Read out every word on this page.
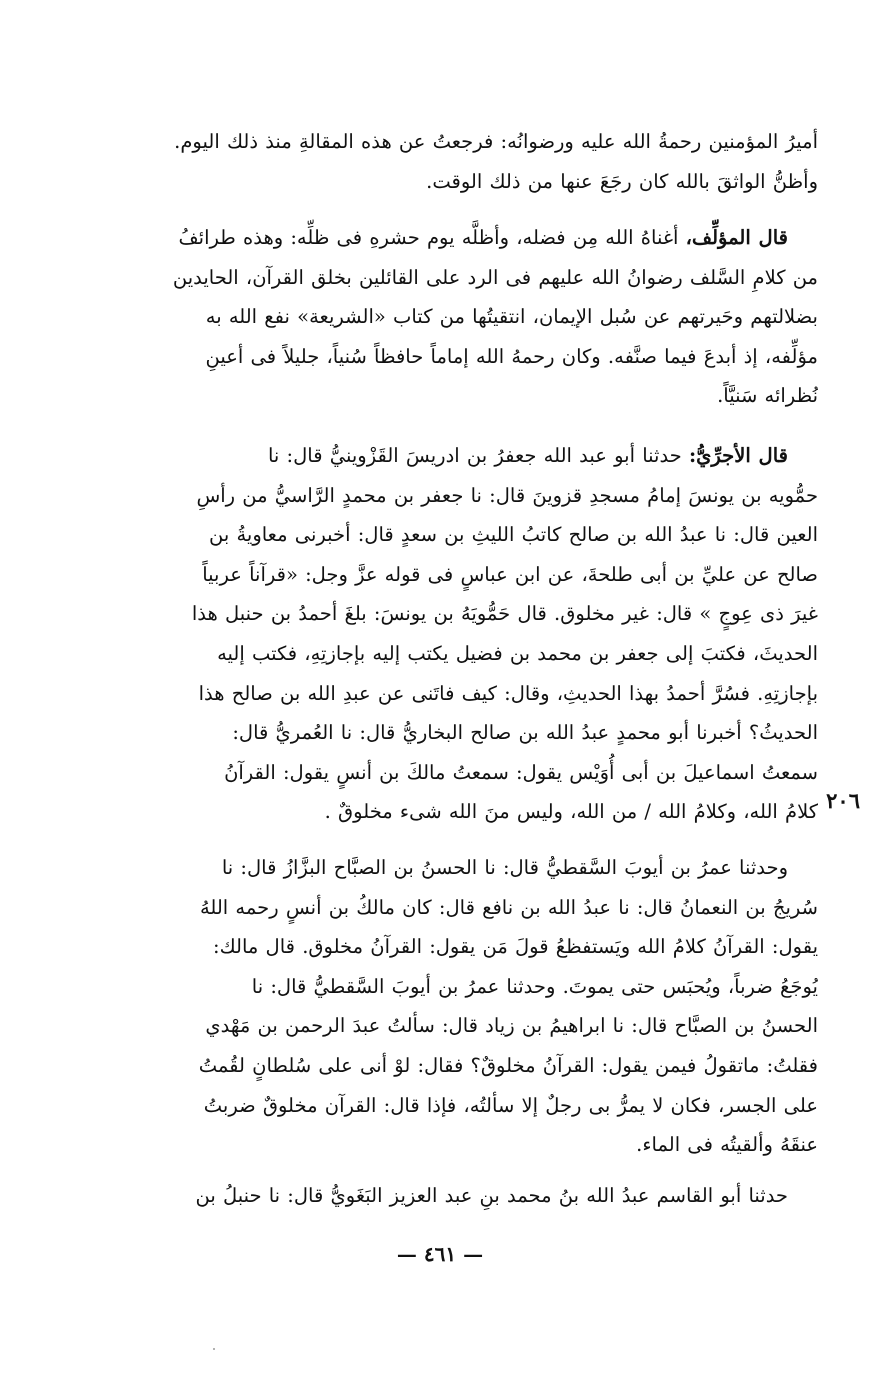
أميرُ المؤمنين رحمةُ الله عليه ورضوانُه: فرجعتُ عن هذه المقالةِ منذ ذلك اليوم.
وأظنُّ الواثقَ بالله كان رجَعَ عنها من ذلك الوقت.
قال المؤلِّف، أغناهُ الله مِن فضله، وأظلَّه يوم حشرهِ فى ظلِّه: وهذه طرائفُ
من كلامِ السَّلف رضوانُ الله عليهم فى الرد على القائلين بخلق القرآن، الحايدين
بضلالتهم وحَيرتهم عن سُبل الإيمان، انتقيتُها من كتاب «الشريعة» نفع الله به
مؤلِّفه، إذ أبدعَ فيما صنَّفه. وكان رحمهُ الله إماماً حافظاً سُنياً، جليلاً فى أعينِ
نُظرائه سَنيَّاً.
قال الأجرِّيُّ: حدثنا أبو عبد الله جعفرُ بن ادريسَ القَزْوينيُّ قال: نا
حمُّويه بن يونسَ إمامُ مسجدِ قزوينَ قال: نا جعفر بن محمدٍ الرَّاسيُّ من رأسِ
العين قال: نا عبدُ الله بن صالح كاتبُ الليثِ بن سعدٍ قال: أخبرنى معاويةُ بن
صالح عن عليِّ بن أبى طلحةَ، عن ابن عباسٍ فى قوله عزَّ وجل: «قرآناً عربياً
غيرَ ذى عِوجٍ » قال: غير مخلوق. قال حَمُّويَهُ بن يونسَ: بلغَ أحمدُ بن حنبل هذا
الحديثَ، فكتبَ إلى جعفر بن محمد بن فضيل يكتب إليه بإجازتِهِ، فكتب إليه
بإجازتِهِ. فسُرَّ أحمدُ بهذا الحديثِ، وقال: كيف فاتَنى عن عبدِ الله بن صالح هذا
الحديثُ؟ أخبرنا أبو محمدٍ عبدُ الله بن صالح البخاريُّ قال: نا العُمريُّ قال:
سمعتُ اسماعيلَ بن أبى أُوَيْس يقول: سمعتُ مالكَ بن أنسٍ يقول: القرآنُ
كلامُ الله، وكلامُ الله / من الله، وليس منَ الله شىء مخلوقٌ . ٢٠٦
وحدثنا عمرُ بن أيوبَ السَّقطيُّ قال: نا الحسنُ بن الصبَّاح البزَّازُ قال: نا
سُريجُ بن النعمانُ قال: نا عبدُ الله بن نافع قال: كان مالكُ بن أنسٍ رحمه اللهُ
يقول: القرآنُ كلامُ الله ويَستفظعُ قولَ مَن يقول: القرآنُ مخلوق. قال مالك:
يُوجَعُ ضرباً، ويُحبَس حتى يموتَ. وحدثنا عمرُ بن أيوبَ السَّقطيُّ قال: نا
الحسنُ بن الصبَّاح قال: نا ابراهيمُ بن زياد قال: سألتُ عبدَ الرحمن بن مَهْدي
فقلتُ: ماتقولُ فيمن يقول: القرآنُ مخلوقٌ؟ فقال: لوْ أنى على سُلطانٍ لقُمتُ
على الجسر، فكان لا يمرُّ بى رجلٌ إلا سألتُه، فإذا قال: القرآن مخلوقٌ ضربتُ
عنقَهُ وألقيتُه فى الماء.
حدثنا أبو القاسم عبدُ الله بنُ محمد بنِ عبد العزيز البَغَويُّ قال: نا حنبلُ بن
— ٤٦١ —
